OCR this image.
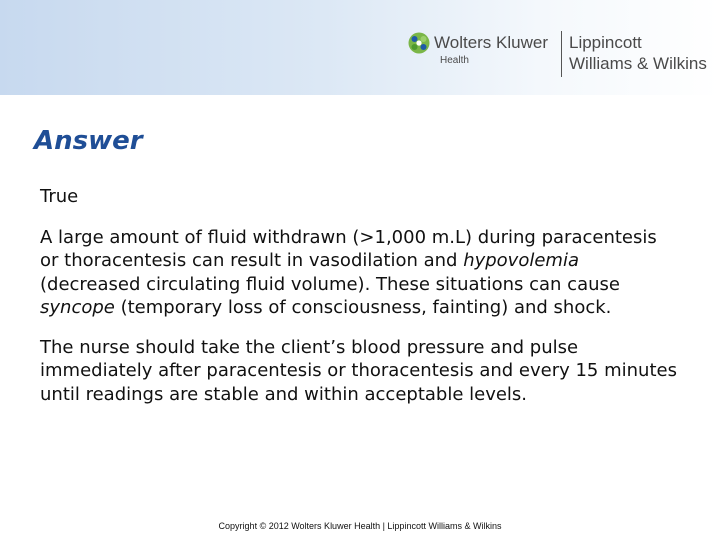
Wolters Kluwer
Health
Lippincott
Williams & Wilkins
Answer

True

A large amount of fluid withdrawn (>1,000 m.L) during paracentesis or thoracentesis can result in vasodilation and hypovolemia (decreased circulating fluid volume). These situations can cause syncope (temporary loss of consciousness, fainting) and shock.

The nurse should take the client’s blood pressure and pulse immediately after paracentesis or thoracentesis and every 15 minutes until readings are stable and within acceptable levels.

Copyright © 2012 Wolters Kluwer Health | Lippincott Williams & Wilkins
